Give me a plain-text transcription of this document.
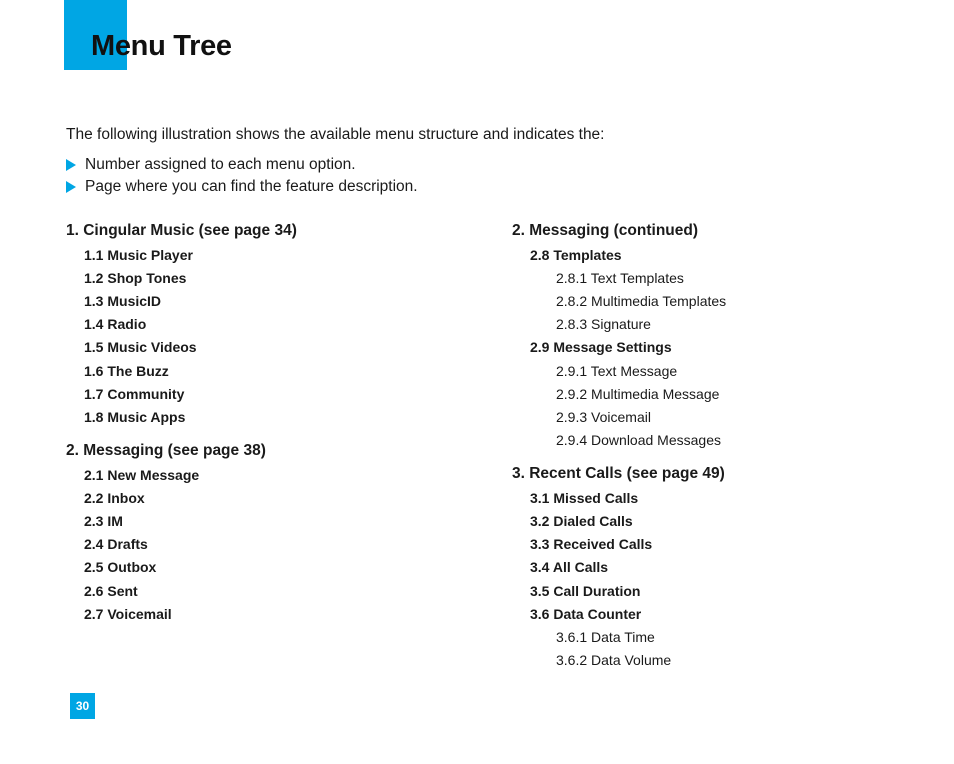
Menu Tree

The following illustration shows the available menu structure and indicates the:

Number assigned to each menu option.
Page where you can find the feature description.
30
1. Cingular Music (see page 34)
1.1 Music Player
1.2 Shop Tones
1.3 MusicID
1.4 Radio
1.5 Music Videos
1.6 The Buzz
1.7 Community
1.8 Music Apps
2. Messaging (see page 38)
2.1 New Message
2.2 Inbox
2.3 IM
2.4 Drafts
2.5 Outbox
2.6 Sent
2.7 Voicemail
2. Messaging (continued)
2.8 Templates
2.8.1 Text Templates
2.8.2 Multimedia Templates
2.8.3 Signature
2.9 Message Settings
2.9.1 Text Message
2.9.2 Multimedia Message
2.9.3 Voicemail
2.9.4 Download Messages
3. Recent Calls (see page 49)
3.1 Missed Calls
3.2 Dialed Calls
3.3 Received Calls
3.4 All Calls
3.5 Call Duration
3.6 Data Counter
3.6.1 Data Time
3.6.2 Data Volume
